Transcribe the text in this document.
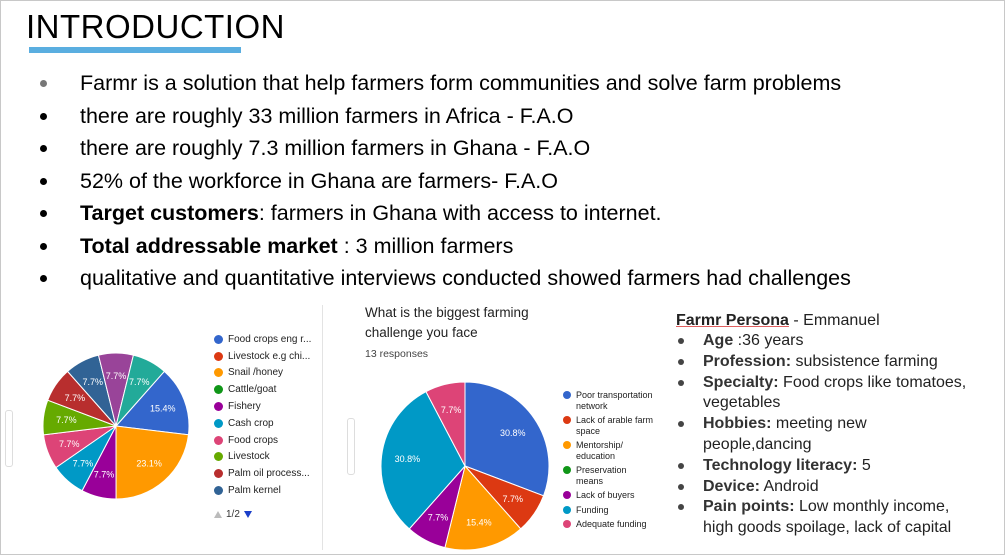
INTRODUCTION
Farmr is a solution that help farmers form communities and solve farm problems
there are roughly 33 million farmers in Africa - F.A.O
there are roughly 7.3 million farmers in Ghana - F.A.O
52% of the workforce in Ghana are farmers- F.A.O
Target customers: farmers in Ghana with access to internet.
Total addressable market : 3 million farmers
qualitative and quantitative interviews conducted showed farmers had challenges
15.4%
23.1%
7.7%
7.7%
7.7%
7.7%
7.7%
7.7%
7.7%
7.7%
30.8%
7.7%
15.4%
7.7%
30.8%
7.7%
Food crops eng r...
Livestock e.g chi...
Snail /honey
Cattle/goat
Fishery
Cash crop
Food crops
Livestock
Palm oil process...
Palm kernel
1/2
What is the biggest farming challenge you face
13 responses
Poor transportation network
Lack of arable farm space
Mentorship/ education
Preservation means
Lack of buyers
Funding
Adequate funding
Farmr Persona - Emmanuel
Age :36 years
Profession: subsistence farming
Specialty: Food crops like tomatoes, vegetables
Hobbies: meeting new people,dancing
Technology literacy: 5
Device: Android
Pain points: Low monthly income, high goods spoilage, lack of capital
